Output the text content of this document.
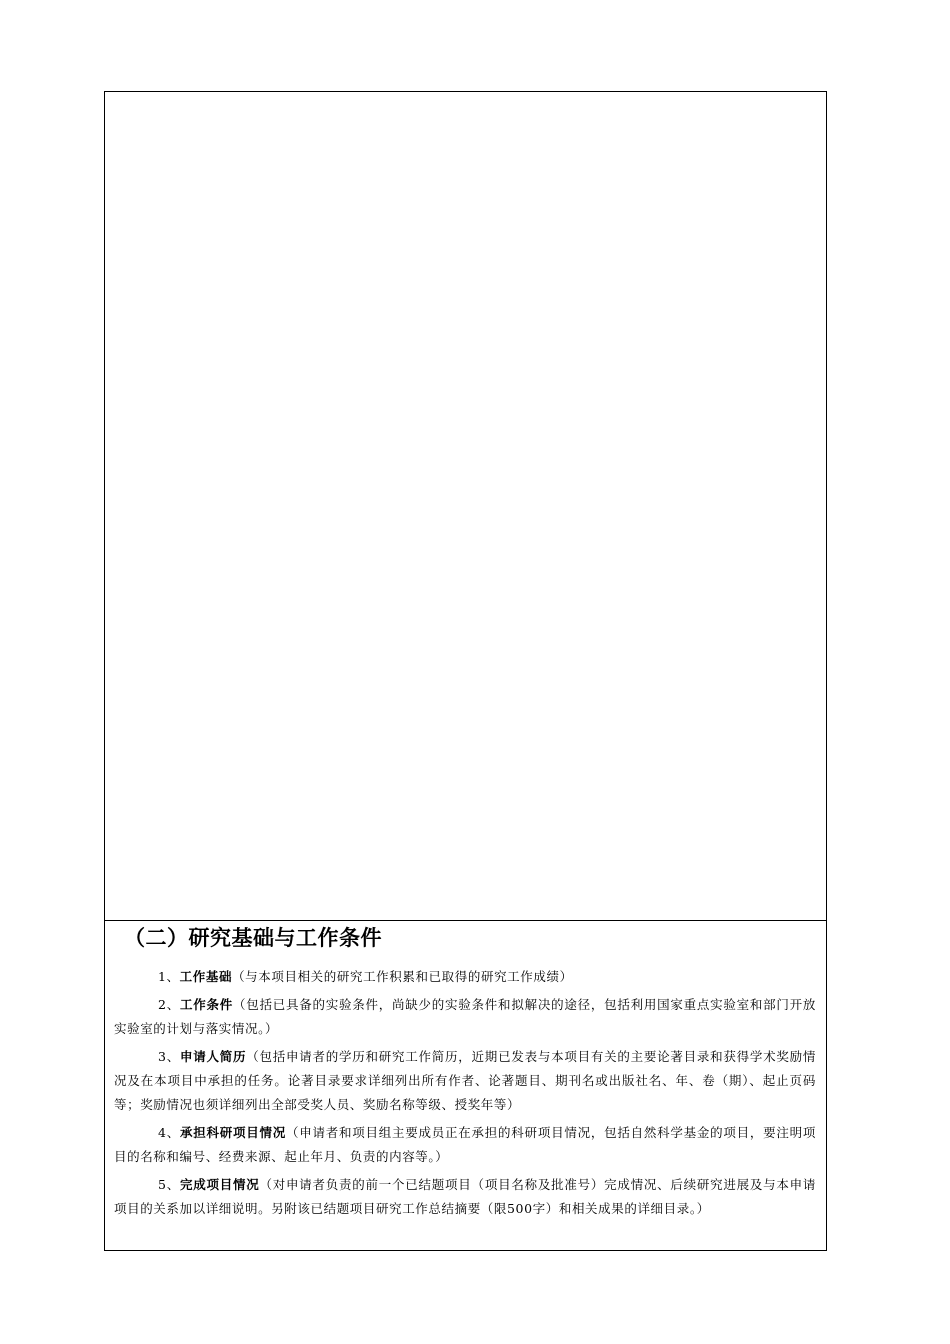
（二）研究基础与工作条件

1、工作基础（与本项目相关的研究工作积累和已取得的研究工作成绩）

2、工作条件（包括已具备的实验条件，尚缺少的实验条件和拟解决的途径，包括利用国家重点实验室和部门开放实验室的计划与落实情况。）

3、申请人简历（包括申请者的学历和研究工作简历，近期已发表与本项目有关的主要论著目录和获得学术奖励情况及在本项目中承担的任务。论著目录要求详细列出所有作者、论著题目、期刊名或出版社名、年、卷（期）、起止页码等；奖励情况也须详细列出全部受奖人员、奖励名称等级、授奖年等）

4、承担科研项目情况（申请者和项目组主要成员正在承担的科研项目情况，包括自然科学基金的项目，要注明项目的名称和编号、经费来源、起止年月、负责的内容等。）

5、完成项目情况（对申请者负责的前一个已结题项目（项目名称及批准号）完成情况、后续研究进展及与本申请项目的关系加以详细说明。另附该已结题项目研究工作总结摘要（限500字）和相关成果的详细目录。）
